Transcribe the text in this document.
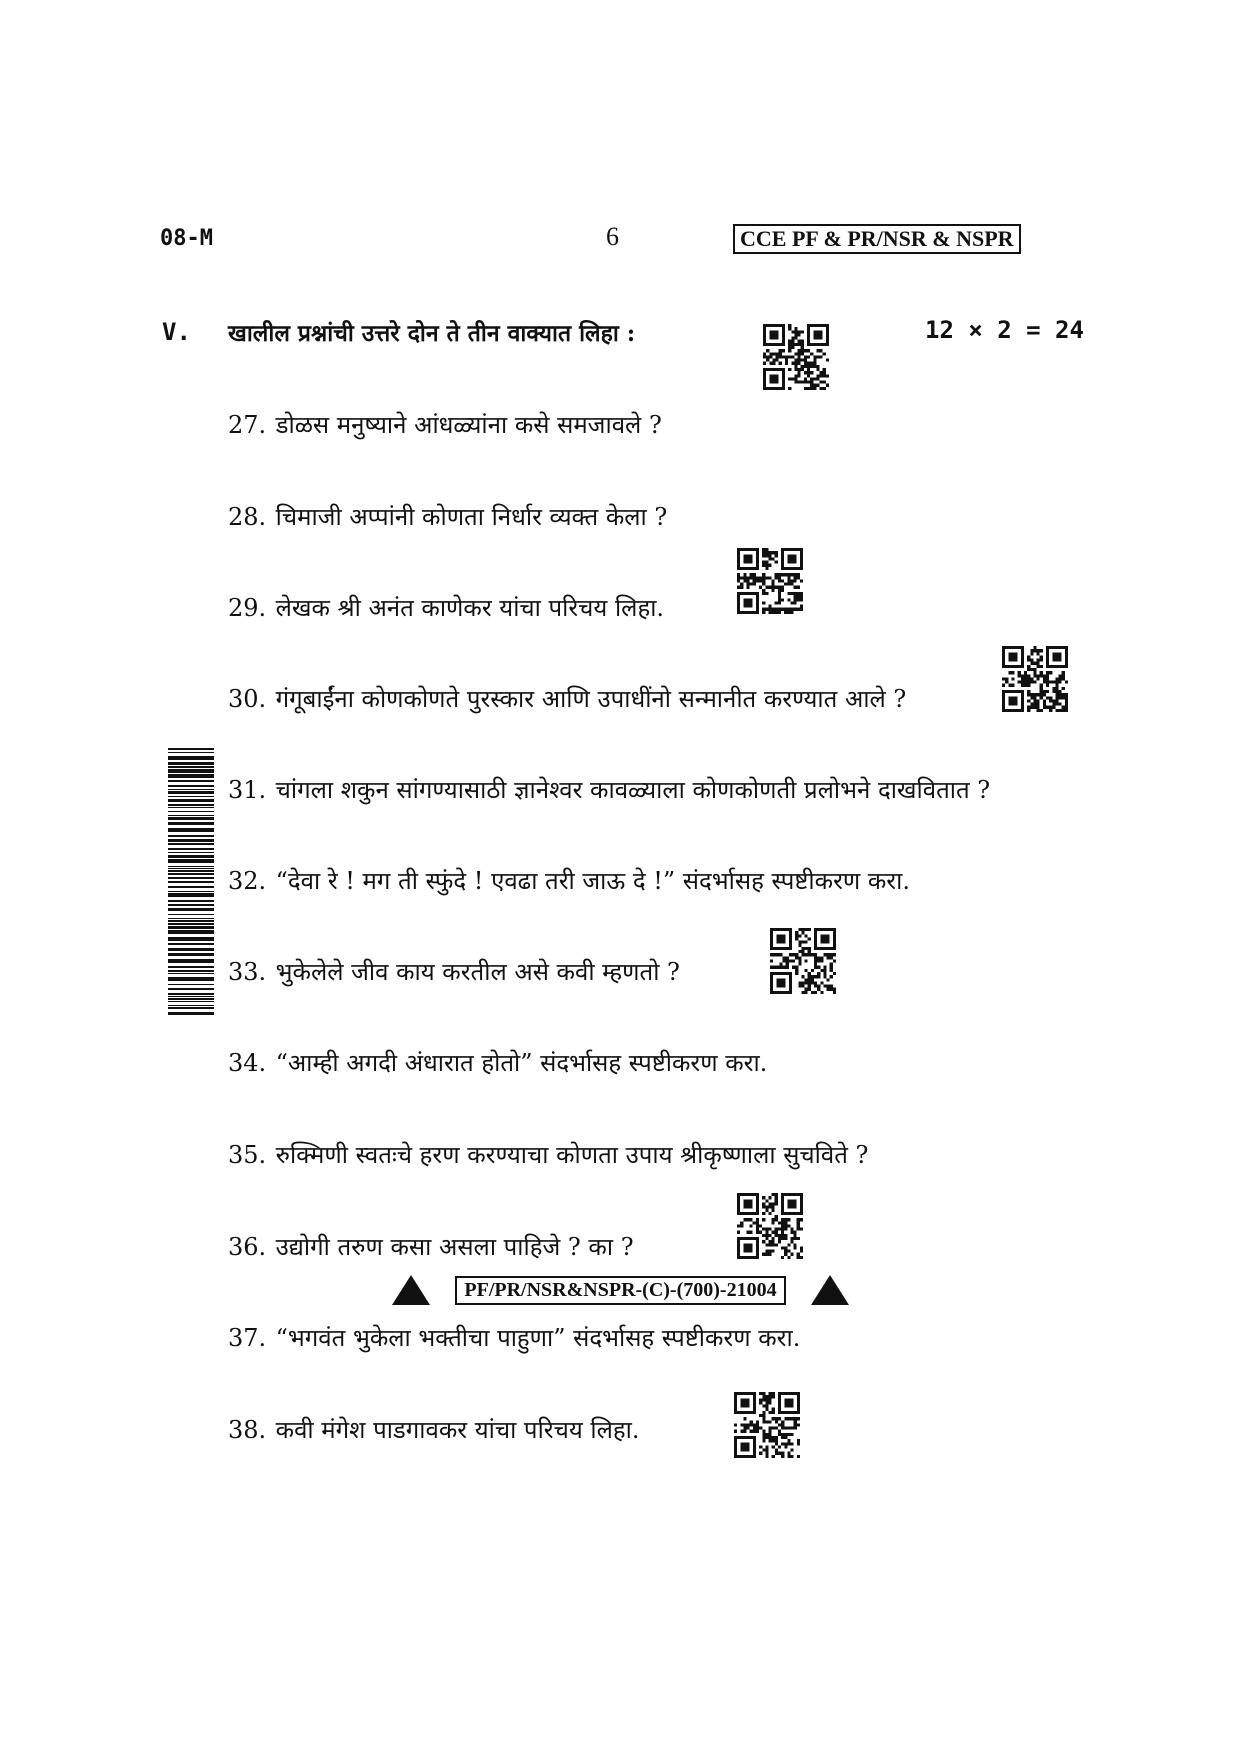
08-M	6	CCE PF & PR/NSR & NSPR
V. खालील प्रश्नांची उत्तरे दोन ते तीन वाक्यात लिहा :	12 × 2 = 24
27. डोळस मनुष्याने आंधळ्यांना कसे समजावले ?
28. चिमाजी अप्पांनी कोणता निर्धार व्यक्त केला ?
29. लेखक श्री अनंत काणेकर यांचा परिचय लिहा.
30. गंगूबाईंना कोणकोणते पुरस्कार आणि उपाधींनो सन्मानीत करण्यात आले ?
31. चांगला शकुन सांगण्यासाठी ज्ञानेश्वर कावळ्याला कोणकोणती प्रलोभने दाखवितात ?
32. “देवा रे ! मग ती स्फुंदे ! एवढा तरी जाऊ दे !” संदर्भासह स्पष्टीकरण करा.
33. भुकेलेले जीव काय करतील असे कवी म्हणतो ?
34. “आम्ही अगदी अंधारात होतो” संदर्भासह स्पष्टीकरण करा.
35. रुक्मिणी स्वतःचे हरण करण्याचा कोणता उपाय श्रीकृष्णाला सुचविते ?
36. उद्योगी तरुण कसा असला पाहिजे ? का ?
37. “भगवंत भुकेला भक्तीचा पाहुणा” संदर्भासह स्पष्टीकरण करा.
38. कवी मंगेश पाडगावकर यांचा परिचय लिहा.
PF/PR/NSR&NSPR-(C)-(700)-21004
